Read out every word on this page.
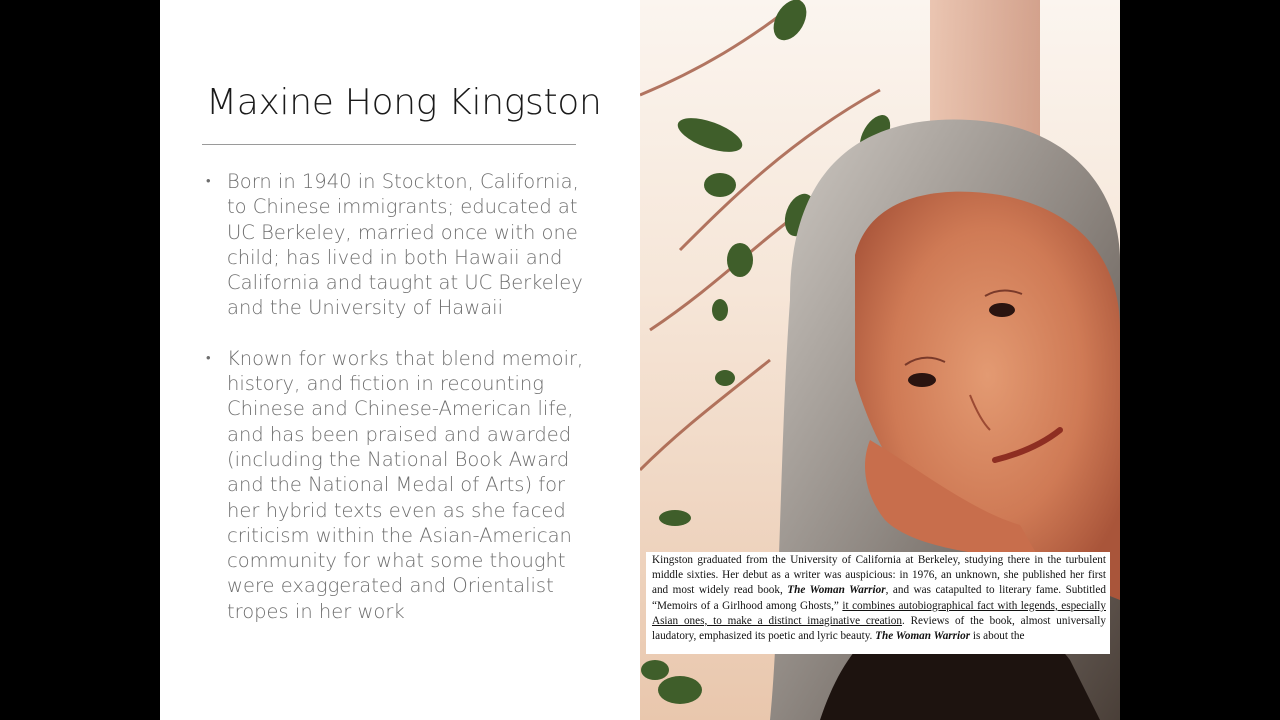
Maxine Hong Kingston
• Born in 1940 in Stockton, California, to Chinese immigrants; educated at UC Berkeley, married once with one child; has lived in both Hawaii and California and taught at UC Berkeley and the University of Hawaii
• Known for works that blend memoir, history, and fiction in recounting Chinese and Chinese-American life, and has been praised and awarded (including the National Book Award and the National Medal of Arts) for her hybrid texts even as she faced criticism within the Asian-American community for what some thought were exaggerated and Orientalist tropes in her work

Kingston graduated from the University of California at Berkeley, studying there in the turbulent middle sixties. Her debut as a writer was auspicious: in 1976, an unknown, she published her first and most widely read book, The Woman Warrior, and was catapulted to literary fame. Subtitled “Memoirs of a Girlhood among Ghosts,” it combines autobiographical fact with legends, especially Asian ones, to make a distinct imaginative creation. Reviews of the book, almost universally laudatory, emphasized its poetic and lyric beauty. The Woman Warrior is about the
